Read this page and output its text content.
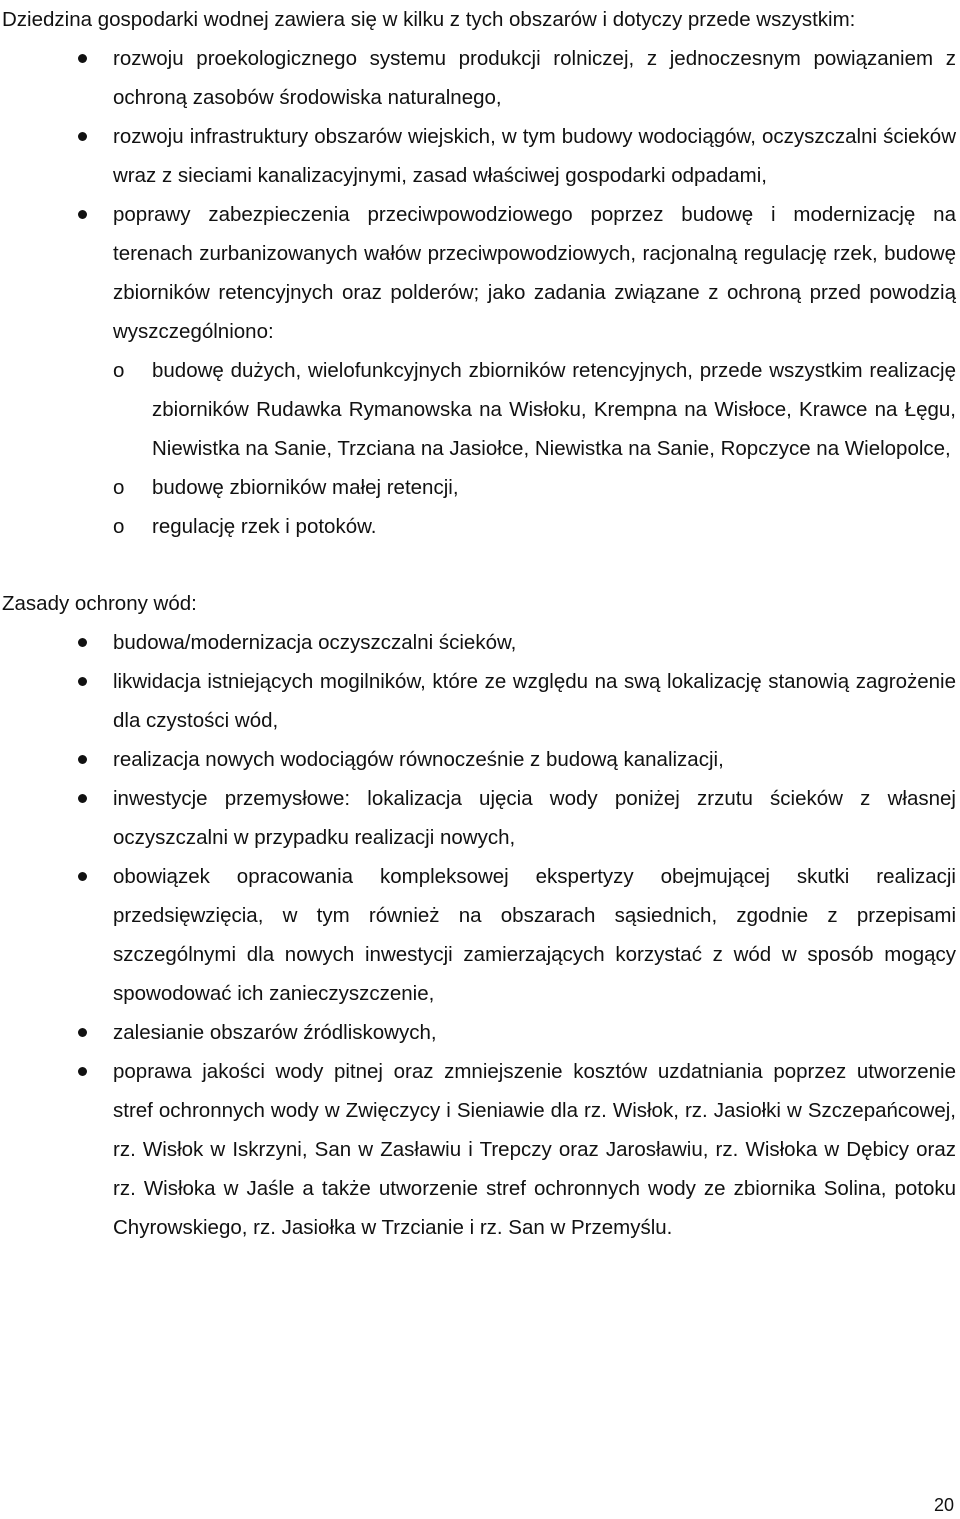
Dziedzina gospodarki wodnej zawiera się w kilku z tych obszarów i dotyczy przede wszystkim:

rozwoju proekologicznego systemu produkcji rolniczej, z jednoczesnym powiązaniem z ochroną zasobów środowiska naturalnego,
rozwoju infrastruktury obszarów wiejskich, w tym budowy wodociągów, oczyszczalni ścieków wraz z sieciami kanalizacyjnymi, zasad właściwej gospodarki odpadami,
poprawy zabezpieczenia przeciwpowodziowego poprzez budowę i modernizację na terenach zurbanizowanych wałów przeciwpowodziowych, racjonalną regulację rzek, budowę zbiorników retencyjnych oraz polderów; jako zadania związane z ochroną przed powodzią wyszczególniono:
o budowę dużych, wielofunkcyjnych zbiorników retencyjnych, przede wszystkim realizację zbiorników Rudawka Rymanowska na Wisłoku, Krempna na Wisłoce, Krawce na Łęgu, Niewistka na Sanie, Trzciana na Jasiołce, Niewistka na Sanie, Ropczyce na Wielopolce,
o budowę zbiorników małej retencji,
o regulację rzek i potoków.

Zasady ochrony wód:

budowa/modernizacja oczyszczalni ścieków,
likwidacja istniejących mogilników, które ze względu na swą lokalizację stanowią zagrożenie dla czystości wód,
realizacja nowych wodociągów równocześnie z budową kanalizacji,
inwestycje przemysłowe: lokalizacja ujęcia wody poniżej zrzutu ścieków z własnej oczyszczalni w przypadku realizacji nowych,
obowiązek opracowania kompleksowej ekspertyzy obejmującej skutki realizacji przedsięwzięcia, w tym również na obszarach sąsiednich, zgodnie z przepisami szczególnymi dla nowych inwestycji zamierzających korzystać z wód w sposób mogący spowodować ich zanieczyszczenie,
zalesianie obszarów źródliskowych,
poprawa jakości wody pitnej oraz zmniejszenie kosztów uzdatniania poprzez utworzenie stref ochronnych wody w Zwięczycy i Sieniawie dla rz. Wisłok, rz. Jasiołki w Szczepańcowej, rz. Wisłok w Iskrzyni, San w Zasławiu i Trepczy oraz Jarosławiu, rz. Wisłoka w Dębicy oraz rz. Wisłoka w Jaśle a także utworzenie stref ochronnych wody ze zbiornika Solina, potoku Chyrowskiego, rz. Jasiołka w Trzcianie i rz. San w Przemyślu.
20
